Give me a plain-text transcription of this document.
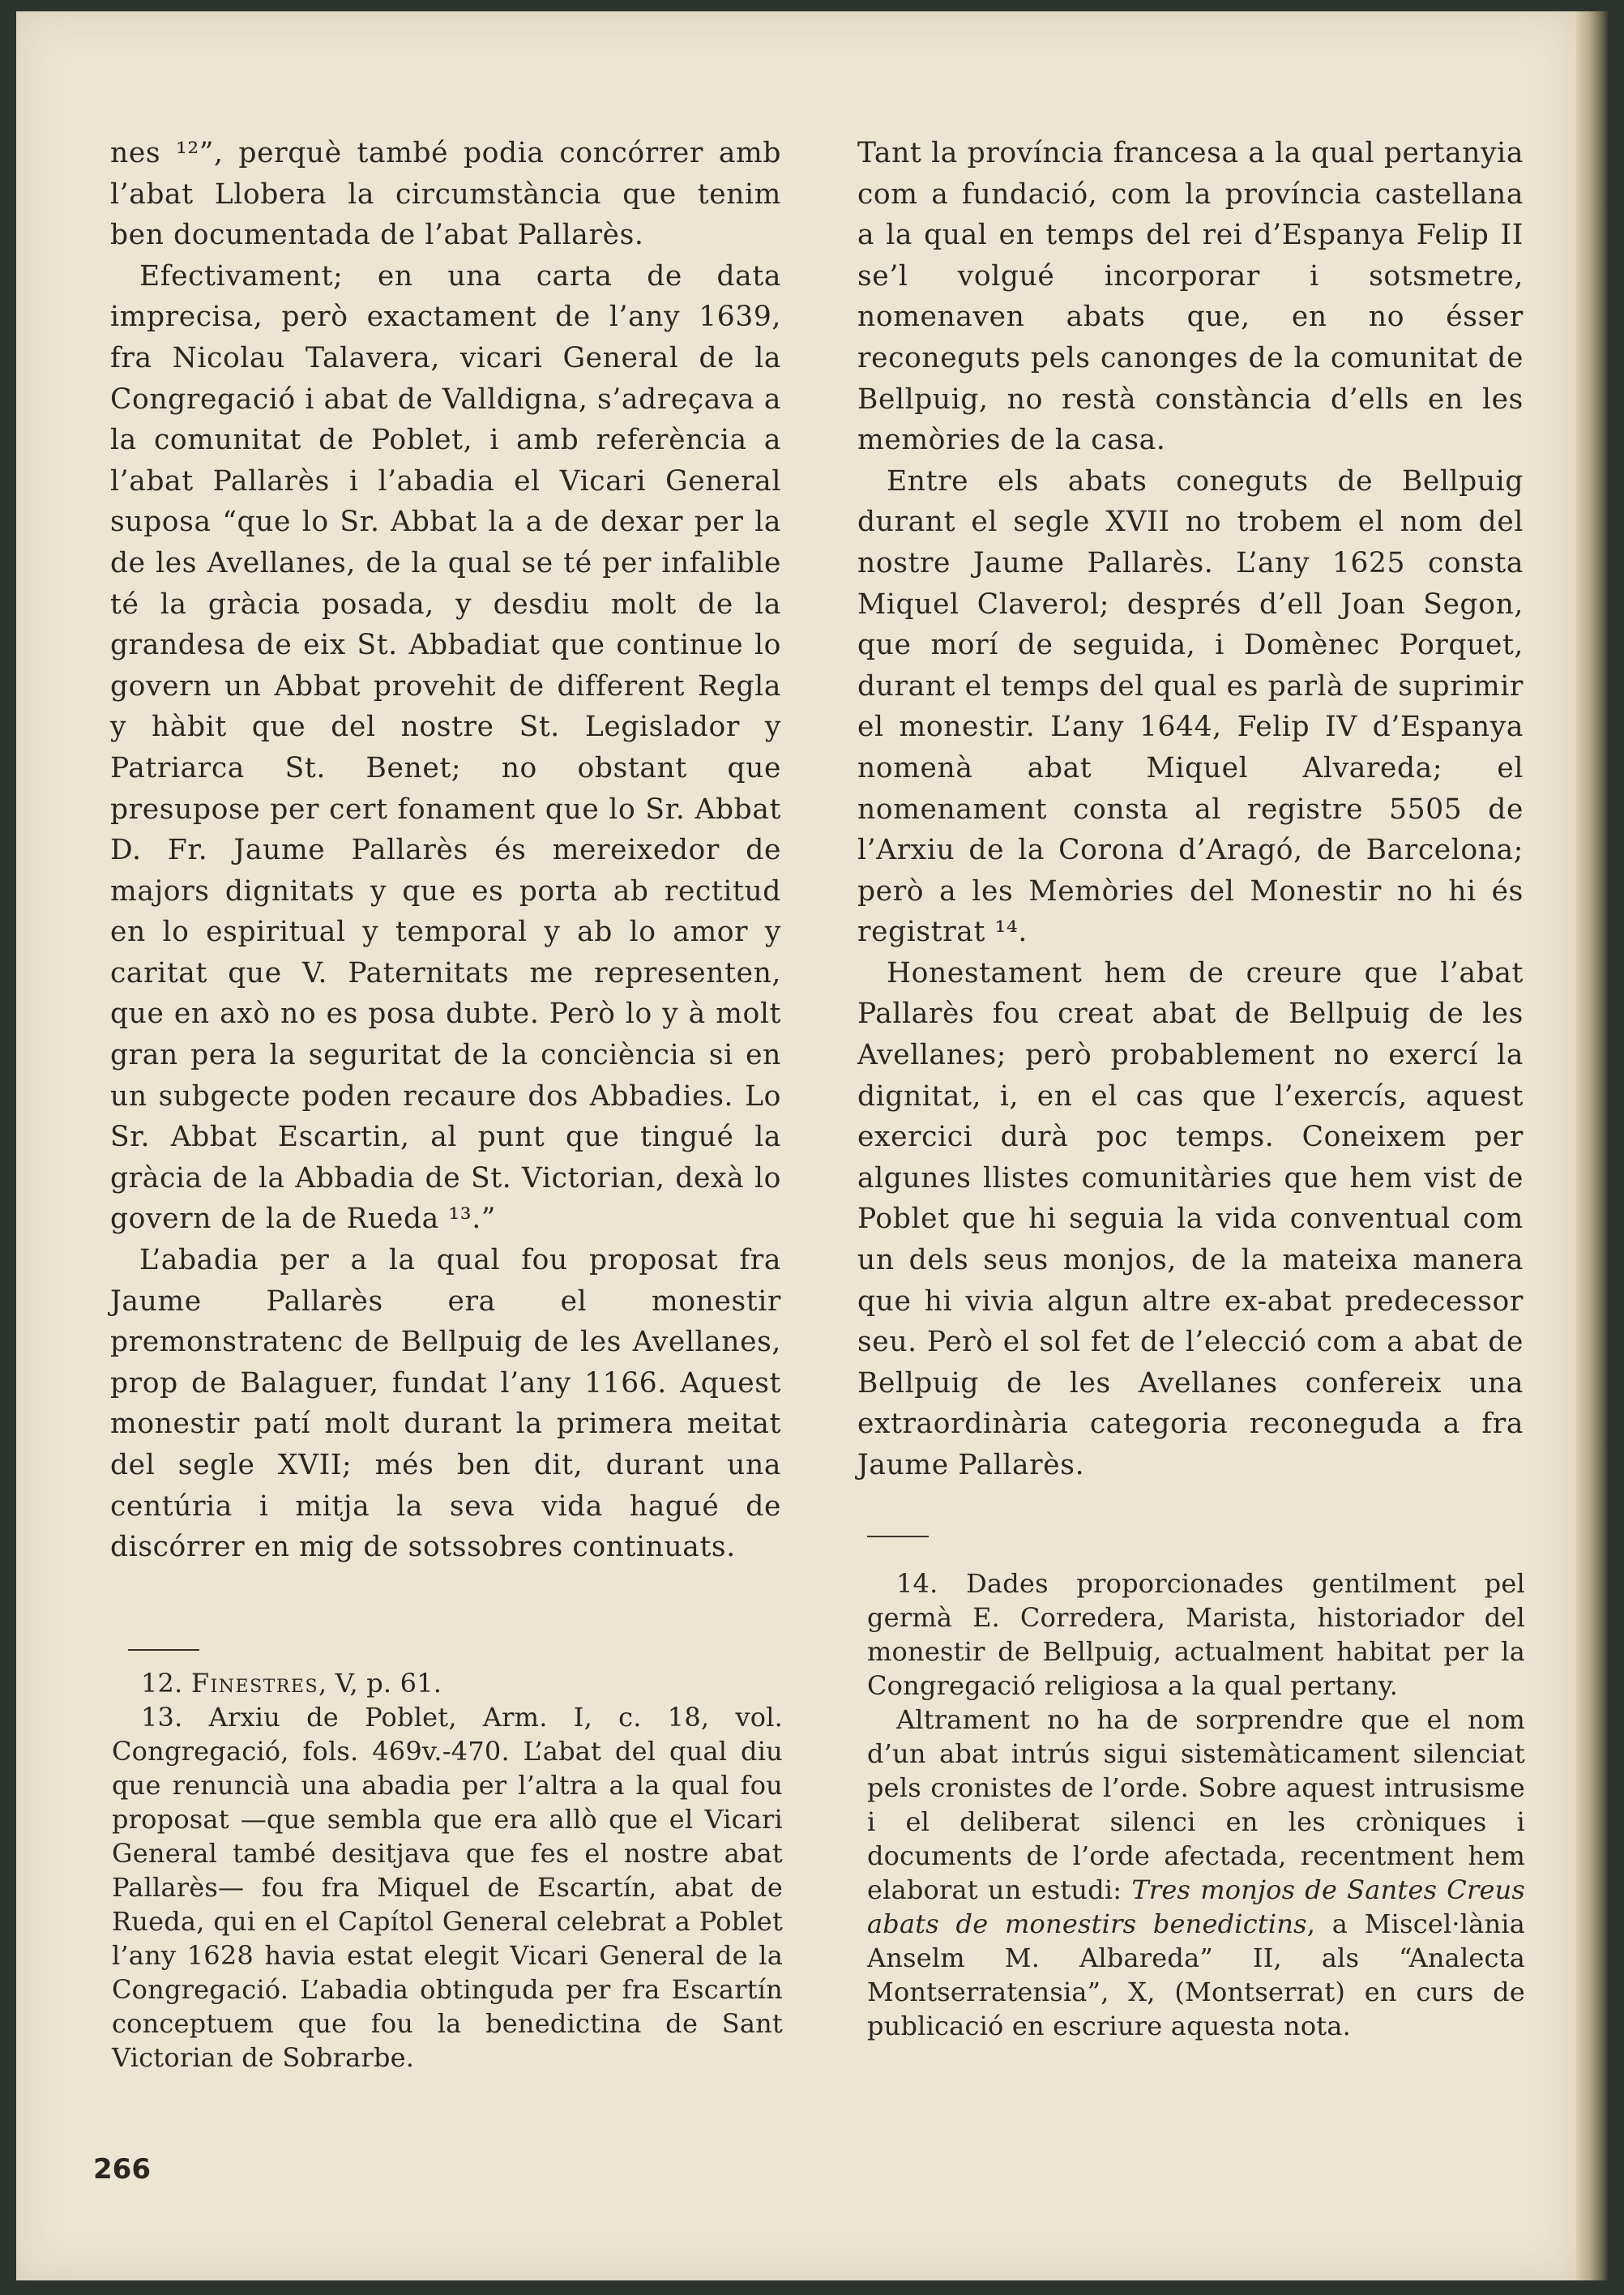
nes ¹²”, perquè també podia concórrer amb l’abat Llobera la circumstància que tenim ben documentada de l’abat Pallarès.

Efectivament; en una carta de data imprecisa, però exactament de l’any 1639, fra Nicolau Talavera, vicari General de la Congregació i abat de Valldigna, s’adreçava a la comunitat de Poblet, i amb referència a l’abat Pallarès i l’abadia el Vicari General suposa “que lo Sr. Abbat la a de dexar per la de les Avellanes, de la qual se té per infalible té la gràcia posada, y desdiu molt de la grandesa de eix St. Abbadiat que continue lo govern un Abbat provehit de different Regla y hàbit que del nostre St. Legislador y Patriarca St. Benet; no obstant que presupose per cert fonament que lo Sr. Abbat D. Fr. Jaume Pallarès és mereixedor de majors dignitats y que es porta ab rectitud en lo espiritual y temporal y ab lo amor y caritat que V. Paternitats me representen, que en axò no es posa dubte. Però lo y à molt gran pera la seguritat de la conciència si en un subgecte poden recaure dos Abbadies. Lo Sr. Abbat Escartin, al punt que tingué la gràcia de la Abbadia de St. Victorian, dexà lo govern de la de Rueda ¹³.”

L’abadia per a la qual fou proposat fra Jaume Pallarès era el monestir premonstratenc de Bellpuig de les Avellanes, prop de Balaguer, fundat l’any 1166. Aquest monestir patí molt durant la primera meitat del segle XVII; més ben dit, durant una centúria i mitja la seva vida hagué de discórrer en mig de sotssobres continuats.

12. Finestres, V, p. 61.

13. Arxiu de Poblet, Arm. I, c. 18, vol. Congregació, fols. 469v.-470. L’abat del qual diu que renuncià una abadia per l’altra a la qual fou proposat —que sembla que era allò que el Vicari General també desitjava que fes el nostre abat Pallarès— fou fra Miquel de Escartín, abat de Rueda, qui en el Capítol General celebrat a Poblet l’any 1628 havia estat elegit Vicari General de la Congregació. L’abadia obtinguda per fra Escartín conceptuem que fou la benedictina de Sant Victorian de Sobrarbe.

Tant la província francesa a la qual pertanyia com a fundació, com la província castellana a la qual en temps del rei d’Espanya Felip II se’l volgué incorporar i sotsmetre, nomenaven abats que, en no ésser reconeguts pels canonges de la comunitat de Bellpuig, no restà constància d’ells en les memòries de la casa.

Entre els abats coneguts de Bellpuig durant el segle XVII no trobem el nom del nostre Jaume Pallarès. L’any 1625 consta Miquel Claverol; després d’ell Joan Segon, que morí de seguida, i Domènec Porquet, durant el temps del qual es parlà de suprimir el monestir. L’any 1644, Felip IV d’Espanya nomenà abat Miquel Alvareda; el nomenament consta al registre 5505 de l’Arxiu de la Corona d’Aragó, de Barcelona; però a les Memòries del Monestir no hi és registrat ¹⁴.

Honestament hem de creure que l’abat Pallarès fou creat abat de Bellpuig de les Avellanes; però probablement no exercí la dignitat, i, en el cas que l’exercís, aquest exercici durà poc temps. Coneixem per algunes llistes comunitàries que hem vist de Poblet que hi seguia la vida conventual com un dels seus monjos, de la mateixa manera que hi vivia algun altre ex-abat predecessor seu. Però el sol fet de l’elecció com a abat de Bellpuig de les Avellanes confereix una extraordinària categoria reconeguda a fra Jaume Pallarès.

14. Dades proporcionades gentilment pel germà E. Corredera, Marista, historiador del monestir de Bellpuig, actualment habitat per la Congregació religiosa a la qual pertany.

Altrament no ha de sorprendre que el nom d’un abat intrús sigui sistemàticament silenciat pels cronistes de l’orde. Sobre aquest intrusisme i el deliberat silenci en les cròniques i documents de l’orde afectada, recentment hem elaborat un estudi: Tres monjos de Santes Creus abats de monestirs benedictins, a Miscel·lània Anselm M. Albareda” II, als “Analecta Montserratensia”, X, (Montserrat) en curs de publicació en escriure aquesta nota.

266
